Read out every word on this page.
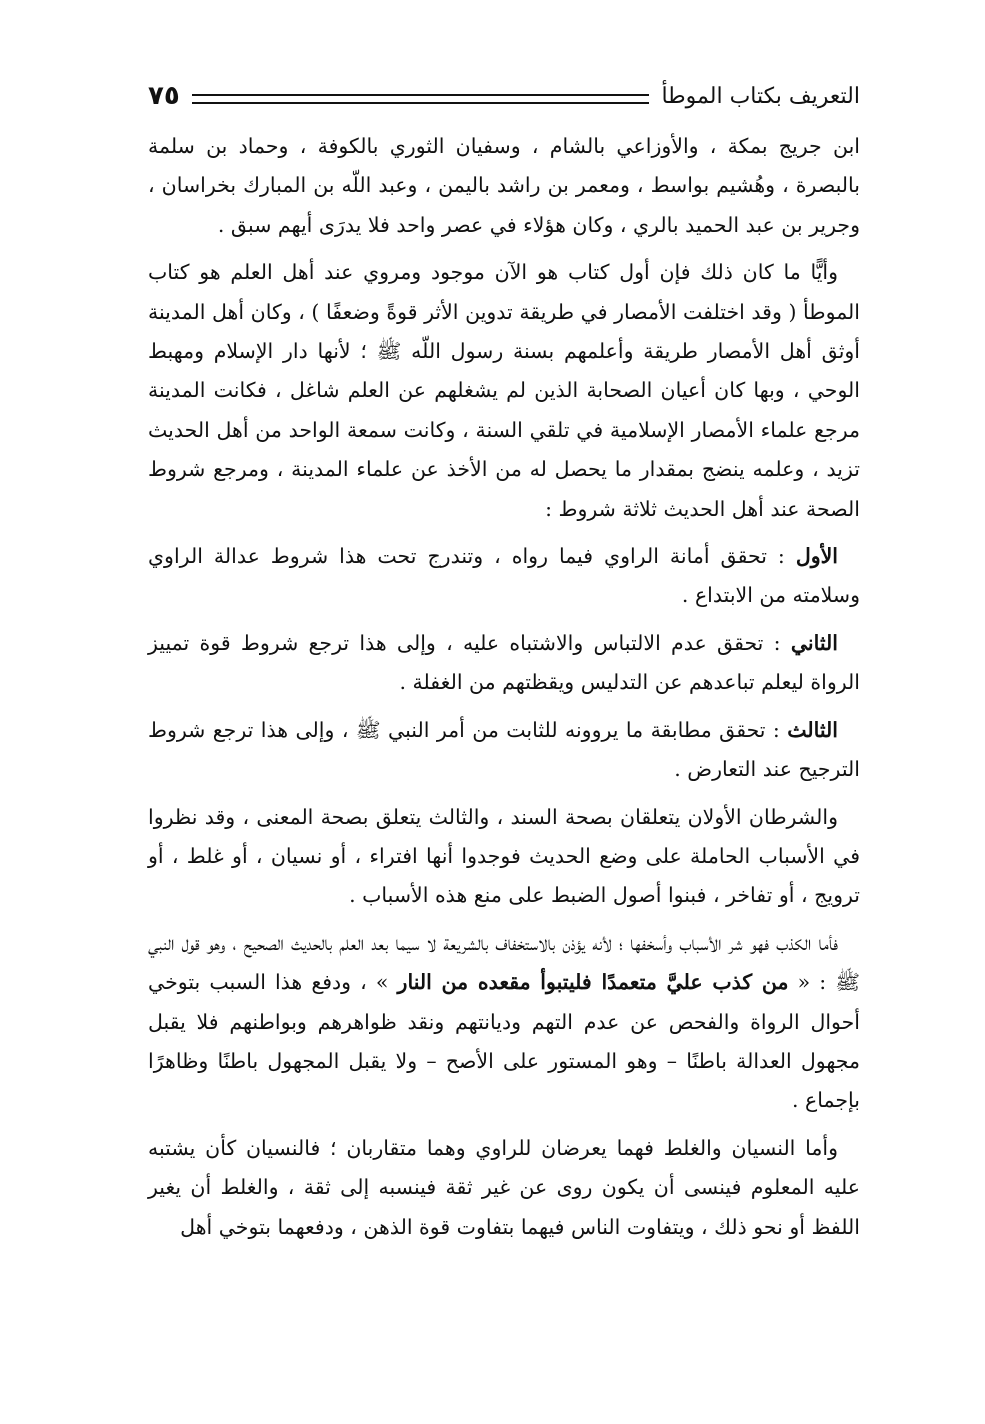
التعريف بكتاب الموطأ
٧٥

ابن جريج بمكة ، والأوزاعي بالشام ، وسفيان الثوري بالكوفة ، وحماد بن سلمة بالبصرة ، وهُشيم بواسط ، ومعمر بن راشد باليمن ، وعبد اللّه بن المبارك بخراسان ، وجرير بن عبد الحميد بالري ، وكان هؤلاء في عصر واحد فلا يدرَى أيهم سبق .

وأيًّا ما كان ذلك فإن أول كتاب هو الآن موجود ومروي عند أهل العلم هو كتاب الموطأ ( وقد اختلفت الأمصار في طريقة تدوين الأثر قوةً وضعفًا ) ، وكان أهل المدينة أوثق أهل الأمصار طريقة وأعلمهم بسنة رسول اللّه ﷺ ؛ لأنها دار الإسلام ومهبط الوحي ، وبها كان أعيان الصحابة الذين لم يشغلهم عن العلم شاغل ، فكانت المدينة مرجع علماء الأمصار الإسلامية في تلقي السنة ، وكانت سمعة الواحد من أهل الحديث تزيد ، وعلمه ينضج بمقدار ما يحصل له من الأخذ عن علماء المدينة ، ومرجع شروط الصحة عند أهل الحديث ثلاثة شروط :

الأول : تحقق أمانة الراوي فيما رواه ، وتندرج تحت هذا شروط عدالة الراوي وسلامته من الابتداع .

الثاني : تحقق عدم الالتباس والاشتباه عليه ، وإلى هذا ترجع شروط قوة تمييز الرواة ليعلم تباعدهم عن التدليس ويقظتهم من الغفلة .

الثالث : تحقق مطابقة ما يروونه للثابت من أمر النبي ﷺ ، وإلى هذا ترجع شروط الترجيح عند التعارض .

والشرطان الأولان يتعلقان بصحة السند ، والثالث يتعلق بصحة المعنى ، وقد نظروا في الأسباب الحاملة على وضع الحديث فوجدوا أنها افتراء ، أو نسيان ، أو غلط ، أو ترويج ، أو تفاخر ، فبنوا أصول الضبط على منع هذه الأسباب .

فأما الكذب فهو شر الأسباب وأسخفها ؛ لأنه يؤذن بالاستخفاف بالشريعة لا سيما بعد العلم بالحديث الصحيح ، وهو قول النبي ﷺ : « من كذب عليَّ متعمدًا فليتبوأ مقعده من النار » ، ودفع هذا السبب بتوخي أحوال الرواة والفحص عن عدم التهم وديانتهم ونقد ظواهرهم وبواطنهم فلا يقبل مجهول العدالة باطنًا – وهو المستور على الأصح – ولا يقبل المجهول باطنًا وظاهرًا بإجماع .

وأما النسيان والغلط فهما يعرضان للراوي وهما متقاربان ؛ فالنسيان كأن يشتبه عليه المعلوم فينسى أن يكون روى عن غير ثقة فينسبه إلى ثقة ، والغلط أن يغير اللفظ أو نحو ذلك ، ويتفاوت الناس فيهما بتفاوت قوة الذهن ، ودفعهما بتوخي أهل
